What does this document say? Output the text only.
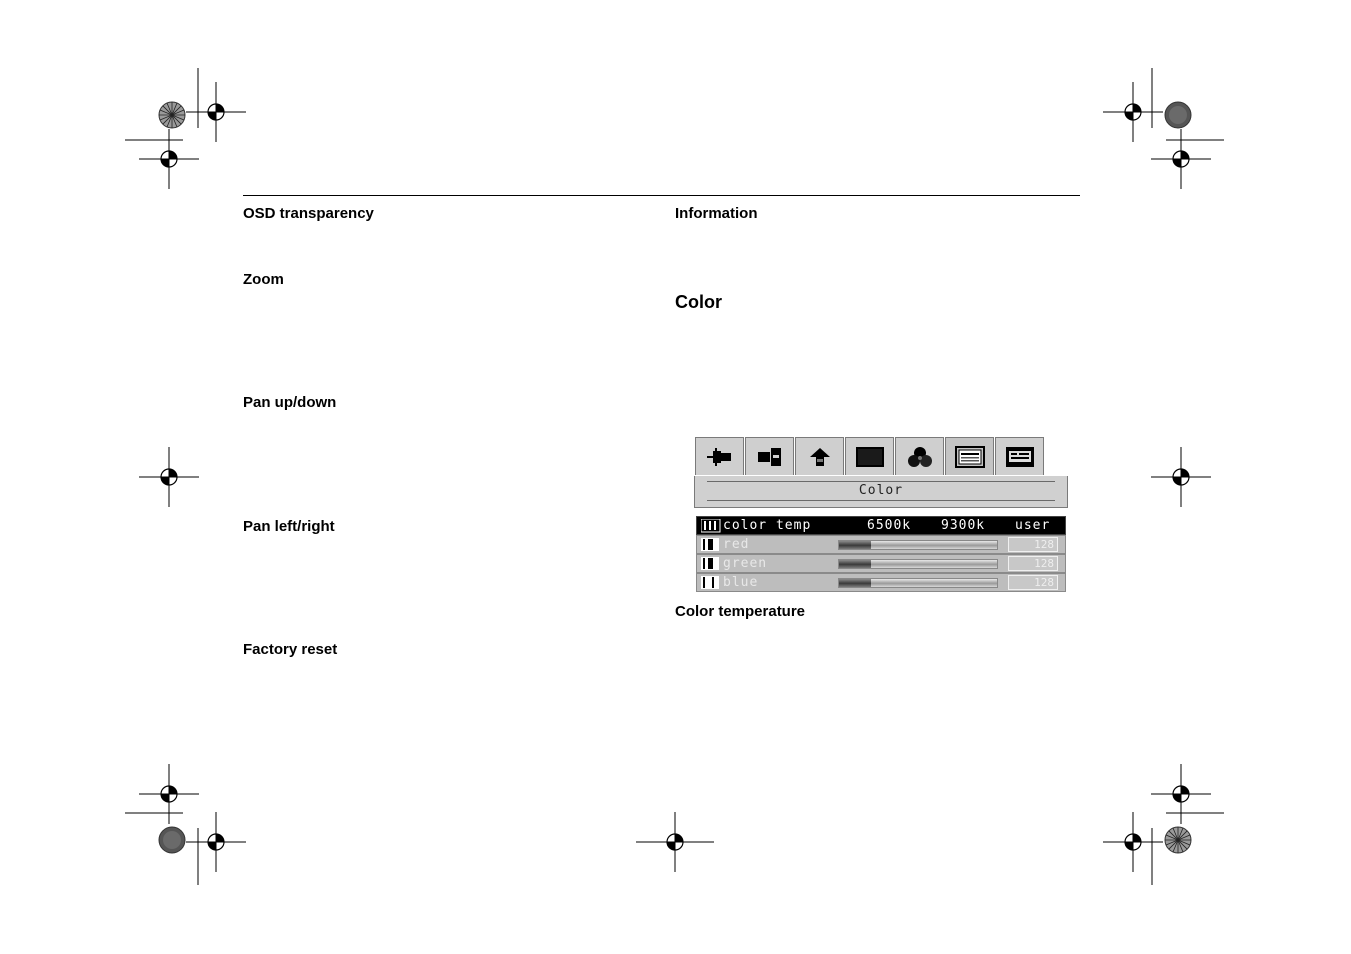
OSD transparency
Zoom
Pan up/down
Pan left/right
Factory reset
Information
Color
Color temperature
Color
color temp	6500k 9300k user
red	128
green	128
blue	128
